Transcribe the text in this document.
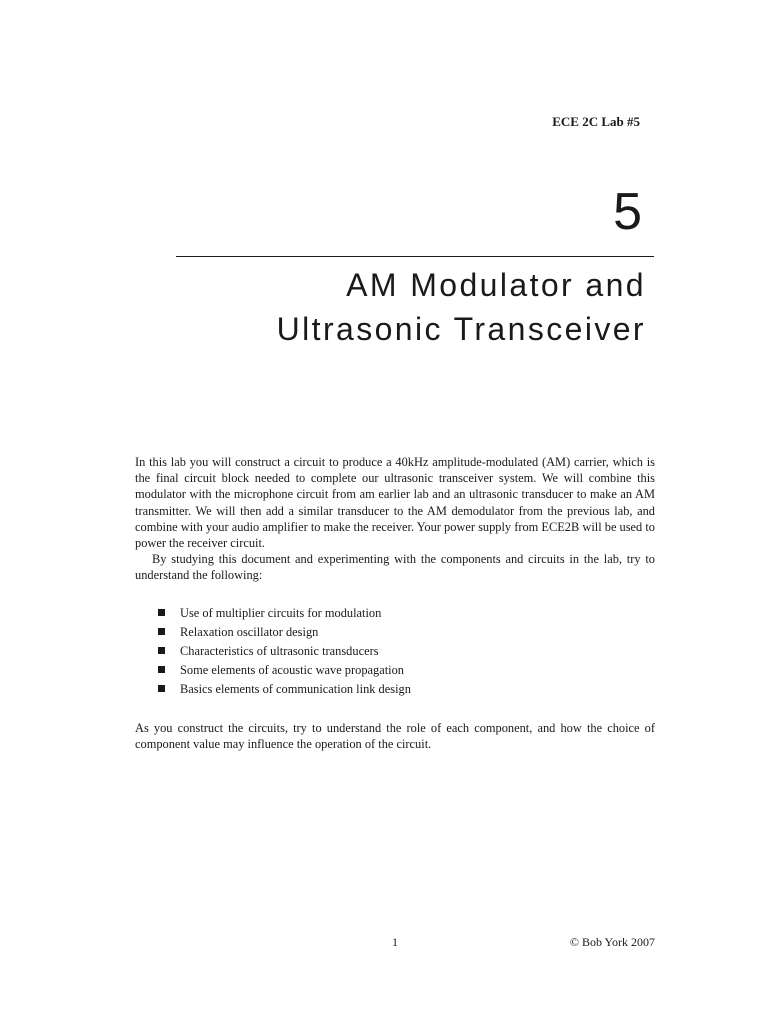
ECE 2C Lab #5
5
AM Modulator and
Ultrasonic Transceiver

In this lab you will construct a circuit to produce a 40kHz amplitude-modulated (AM) carrier, which is the final circuit block needed to complete our ultrasonic transceiver system. We will combine this modulator with the microphone circuit from am earlier lab and an ultrasonic transducer to make an AM transmitter. We will then add a similar transducer to the AM demodulator from the previous lab, and combine with your audio amplifier to make the receiver. Your power supply from ECE2B will be used to power the receiver circuit.

By studying this document and experimenting with the components and circuits in the lab, try to understand the following:

Use of multiplier circuits for modulation
Relaxation oscillator design
Characteristics of ultrasonic transducers
Some elements of acoustic wave propagation
Basics elements of communication link design

As you construct the circuits, try to understand the role of each component, and how the choice of component value may influence the operation of the circuit.

1	© Bob York 2007
